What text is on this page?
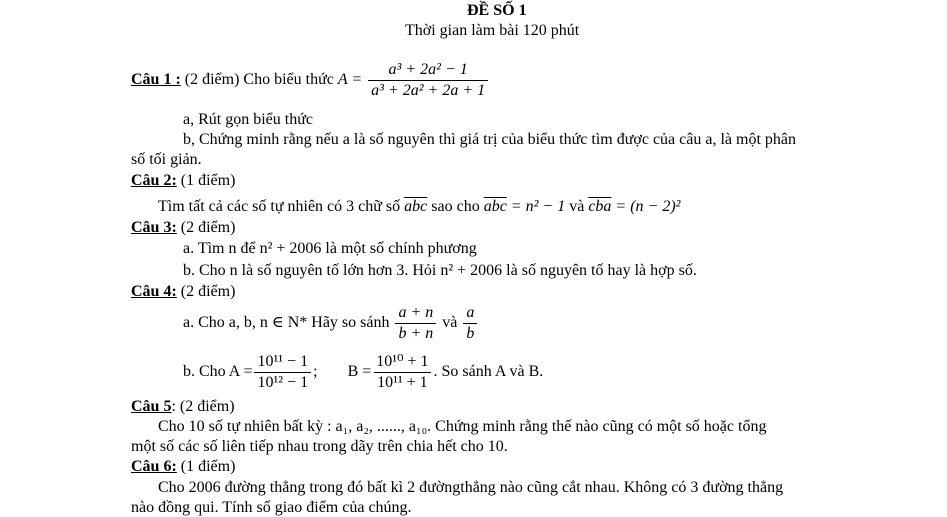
ĐỀ SỐ 1
Thời gian làm bài 120 phút
Câu 1 : (2 điểm) Cho biểu thức $A = \frac{\text{a³ + 2a² − 1}}{\text{a³ + 2a² + 2a + 1}}$
a, Rút gọn biểu thức
b, Chứng minh rằng nếu a là số nguyên thì giá trị của biểu thức tìm được của câu a, là một phân
số tối giản.
Câu 2: (1 điểm)
Tìm tất cả các số tự nhiên có 3 chữ số $\overline{abc}$ sao cho $\overline{abc} = n^2 - 1$ và $\overline{cba} = (n - 2)^2$
Câu 3: (2 điểm)
a. Tìm n để n² + 2006 là một số chính phương
b. Cho n là số nguyên tố lớn hơn 3. Hỏi n² + 2006 là số nguyên tố hay là hợp số.
Câu 4: (2 điểm)
a. Cho a, b, n ∈ N* Hãy so sánh $\frac{a + n}{b + n}$ và $\frac{a}{b}$
b. Cho $A = \frac{\text{10¹¹ − 1}}{\text{10¹² − 1}}$ ; $B = \frac{\text{10¹⁰ + 1}}{\text{10¹¹ + 1}}$ . So sánh A và B.
Câu 5: (2 điểm)
Cho 10 số tự nhiên bất kỳ : a₁, a₂, ......, a₁₀. Chứng minh rằng thế nào cũng có một số hoặc tổng
một số các số liên tiếp nhau trong dãy trên chia hết cho 10.
Câu 6: (1 điểm)
Cho 2006 đường thẳng trong đó bất kì 2 đườngthẳng nào cũng cắt nhau. Không có 3 đường thẳng
nào đồng qui. Tính số giao điểm của chúng.
